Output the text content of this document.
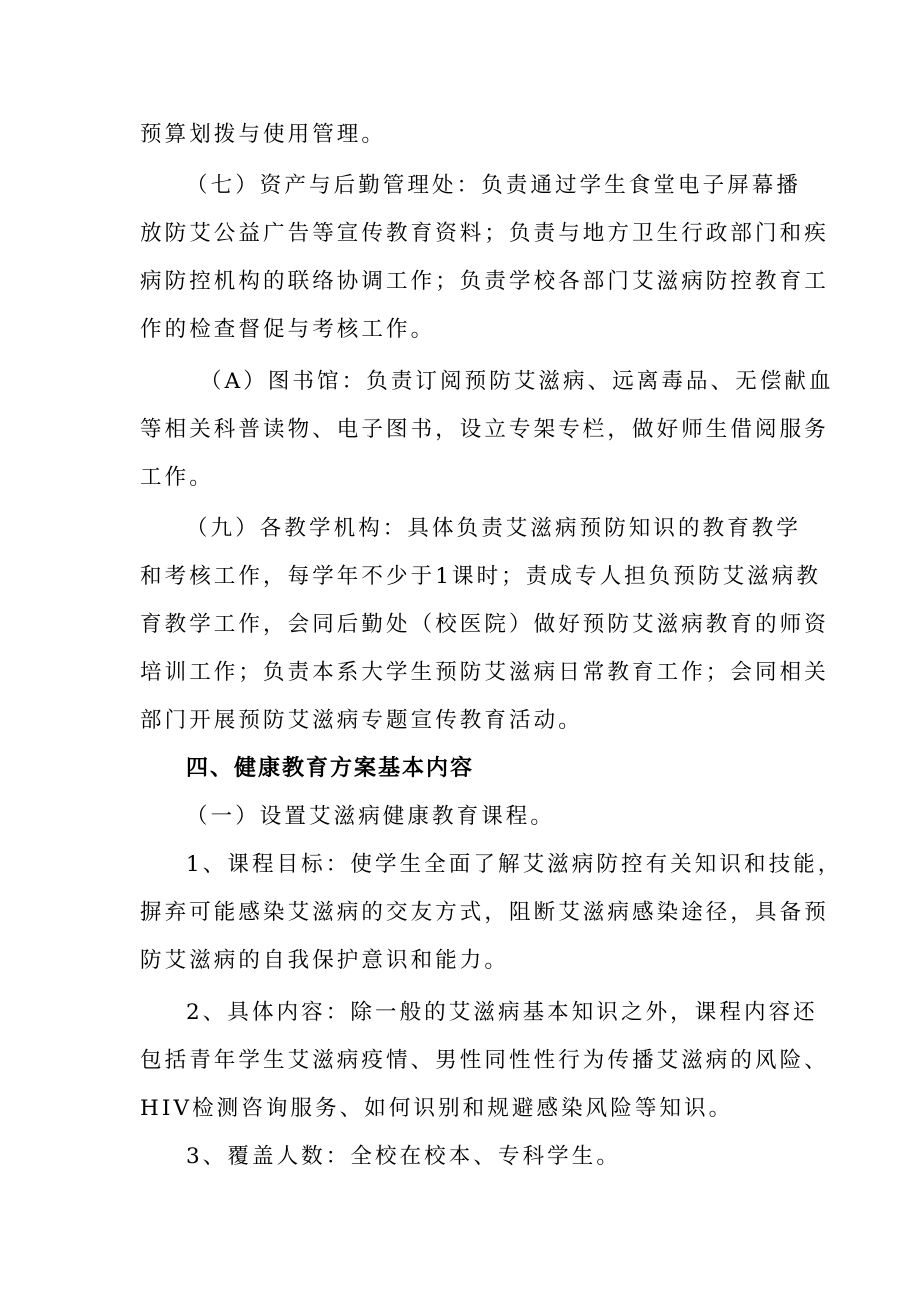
预算划拨与使用管理。
（七）资产与后勤管理处：负责通过学生食堂电子屏幕播
放防艾公益广告等宣传教育资料；负责与地方卫生行政部门和疾
病防控机构的联络协调工作；负责学校各部门艾滋病防控教育工
作的检查督促与考核工作。
（A）图书馆：负责订阅预防艾滋病、远离毒品、无偿献血
等相关科普读物、电子图书，设立专架专栏，做好师生借阅服务
工作。
（九）各教学机构：具体负责艾滋病预防知识的教育教学
和考核工作，每学年不少于1课时；责成专人担负预防艾滋病教
育教学工作，会同后勤处（校医院）做好预防艾滋病教育的师资
培训工作；负责本系大学生预防艾滋病日常教育工作；会同相关
部门开展预防艾滋病专题宣传教育活动。
四、健康教育方案基本内容
（一）设置艾滋病健康教育课程。
1、课程目标：使学生全面了解艾滋病防控有关知识和技能，
摒弃可能感染艾滋病的交友方式，阻断艾滋病感染途径，具备预
防艾滋病的自我保护意识和能力。
2、具体内容：除一般的艾滋病基本知识之外，课程内容还
包括青年学生艾滋病疫情、男性同性性行为传播艾滋病的风险、
HIV检测咨询服务、如何识别和规避感染风险等知识。
3、覆盖人数：全校在校本、专科学生。
